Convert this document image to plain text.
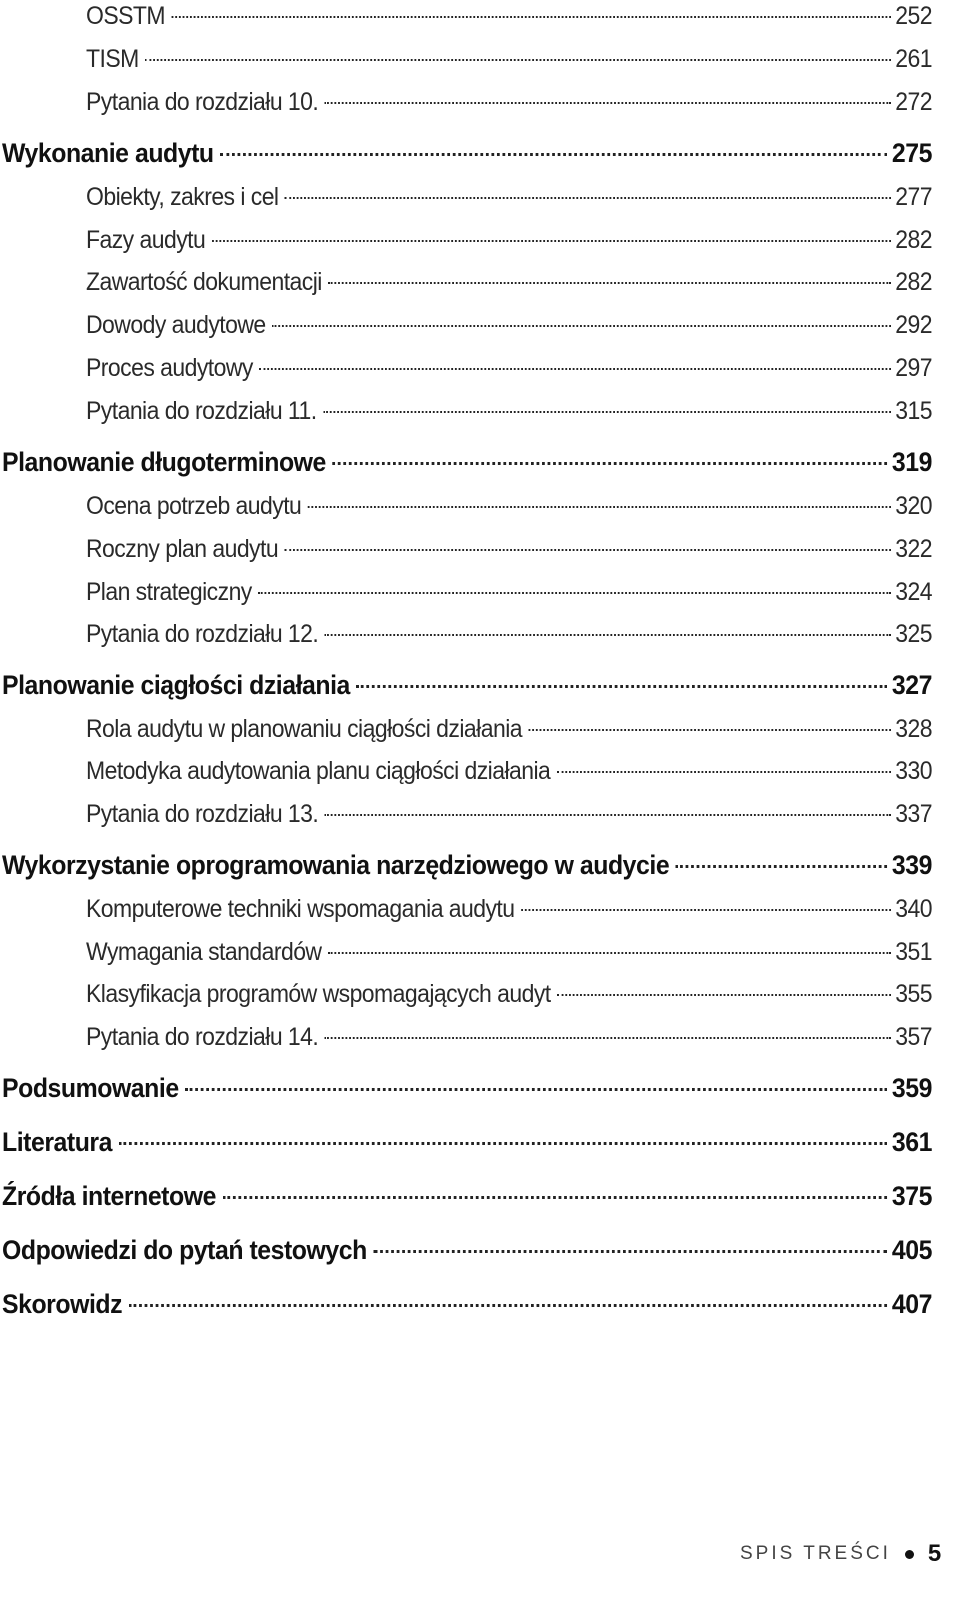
OSSTM	252
TISM	261
Pytania do rozdziału 10.	272
Wykonanie audytu	275
Obiekty, zakres i cel	277
Fazy audytu	282
Zawartość dokumentacji	282
Dowody audytowe	292
Proces audytowy	297
Pytania do rozdziału 11.	315
Planowanie długoterminowe	319
Ocena potrzeb audytu	320
Roczny plan audytu	322
Plan strategiczny	324
Pytania do rozdziału 12.	325
Planowanie ciągłości działania	327
Rola audytu w planowaniu ciągłości działania	328
Metodyka audytowania planu ciągłości działania	330
Pytania do rozdziału 13.	337
Wykorzystanie oprogramowania narzędziowego w audycie	339
Komputerowe techniki wspomagania audytu	340
Wymagania standardów	351
Klasyfikacja programów wspomagających audyt	355
Pytania do rozdziału 14.	357
Podsumowanie	359
Literatura	361
Źródła internetowe	375
Odpowiedzi do pytań testowych	405
Skorowidz	407
SPIS TREŚCI 5
